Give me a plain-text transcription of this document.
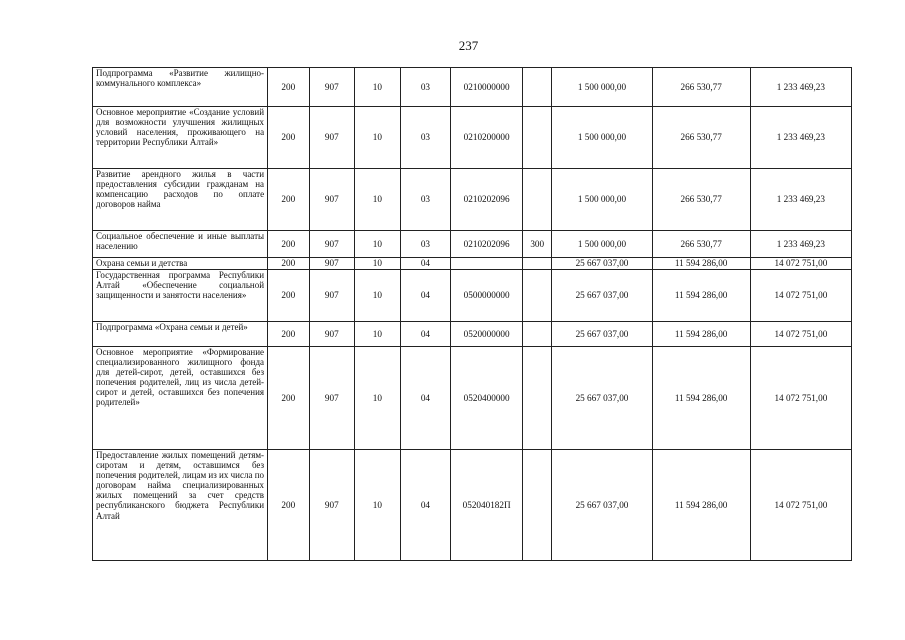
237
Подпрограмма «Развитие жилищно-коммунального комплекса»	200	907	10	03	0210000000		1 500 000,00	266 530,77	1 233 469,23
Основное мероприятие «Создание условий для возможности улучшения жилищных условий населения, проживающего на территории Республики Алтай»	200	907	10	03	0210200000		1 500 000,00	266 530,77	1 233 469,23
Развитие арендного жилья в части предоставления субсидии гражданам на компенсацию расходов по оплате договоров найма	200	907	10	03	0210202096		1 500 000,00	266 530,77	1 233 469,23
Социальное обеспечение и иные выплаты населению	200	907	10	03	0210202096	300	1 500 000,00	266 530,77	1 233 469,23
Охрана семьи и детства	200	907	10	04			25 667 037,00	11 594 286,00	14 072 751,00
Государственная программа Республики Алтай «Обеспечение социальной защищенности и занятости населения»	200	907	10	04	0500000000		25 667 037,00	11 594 286,00	14 072 751,00
Подпрограмма «Охрана семьи и детей»	200	907	10	04	0520000000		25 667 037,00	11 594 286,00	14 072 751,00
Основное мероприятие «Формирование специализированного жилищного фонда для детей-сирот, детей, оставшихся без попечения родителей, лиц из числа детей-сирот и детей, оставшихся без попечения родителей»	200	907	10	04	0520400000		25 667 037,00	11 594 286,00	14 072 751,00
Предоставление жилых помещений детям-сиротам и детям, оставшимся без попечения родителей, лицам из их числа по договорам найма специализированных жилых помещений за счет средств республиканского бюджета Республики Алтай	200	907	10	04	052040182П		25 667 037,00	11 594 286,00	14 072 751,00
